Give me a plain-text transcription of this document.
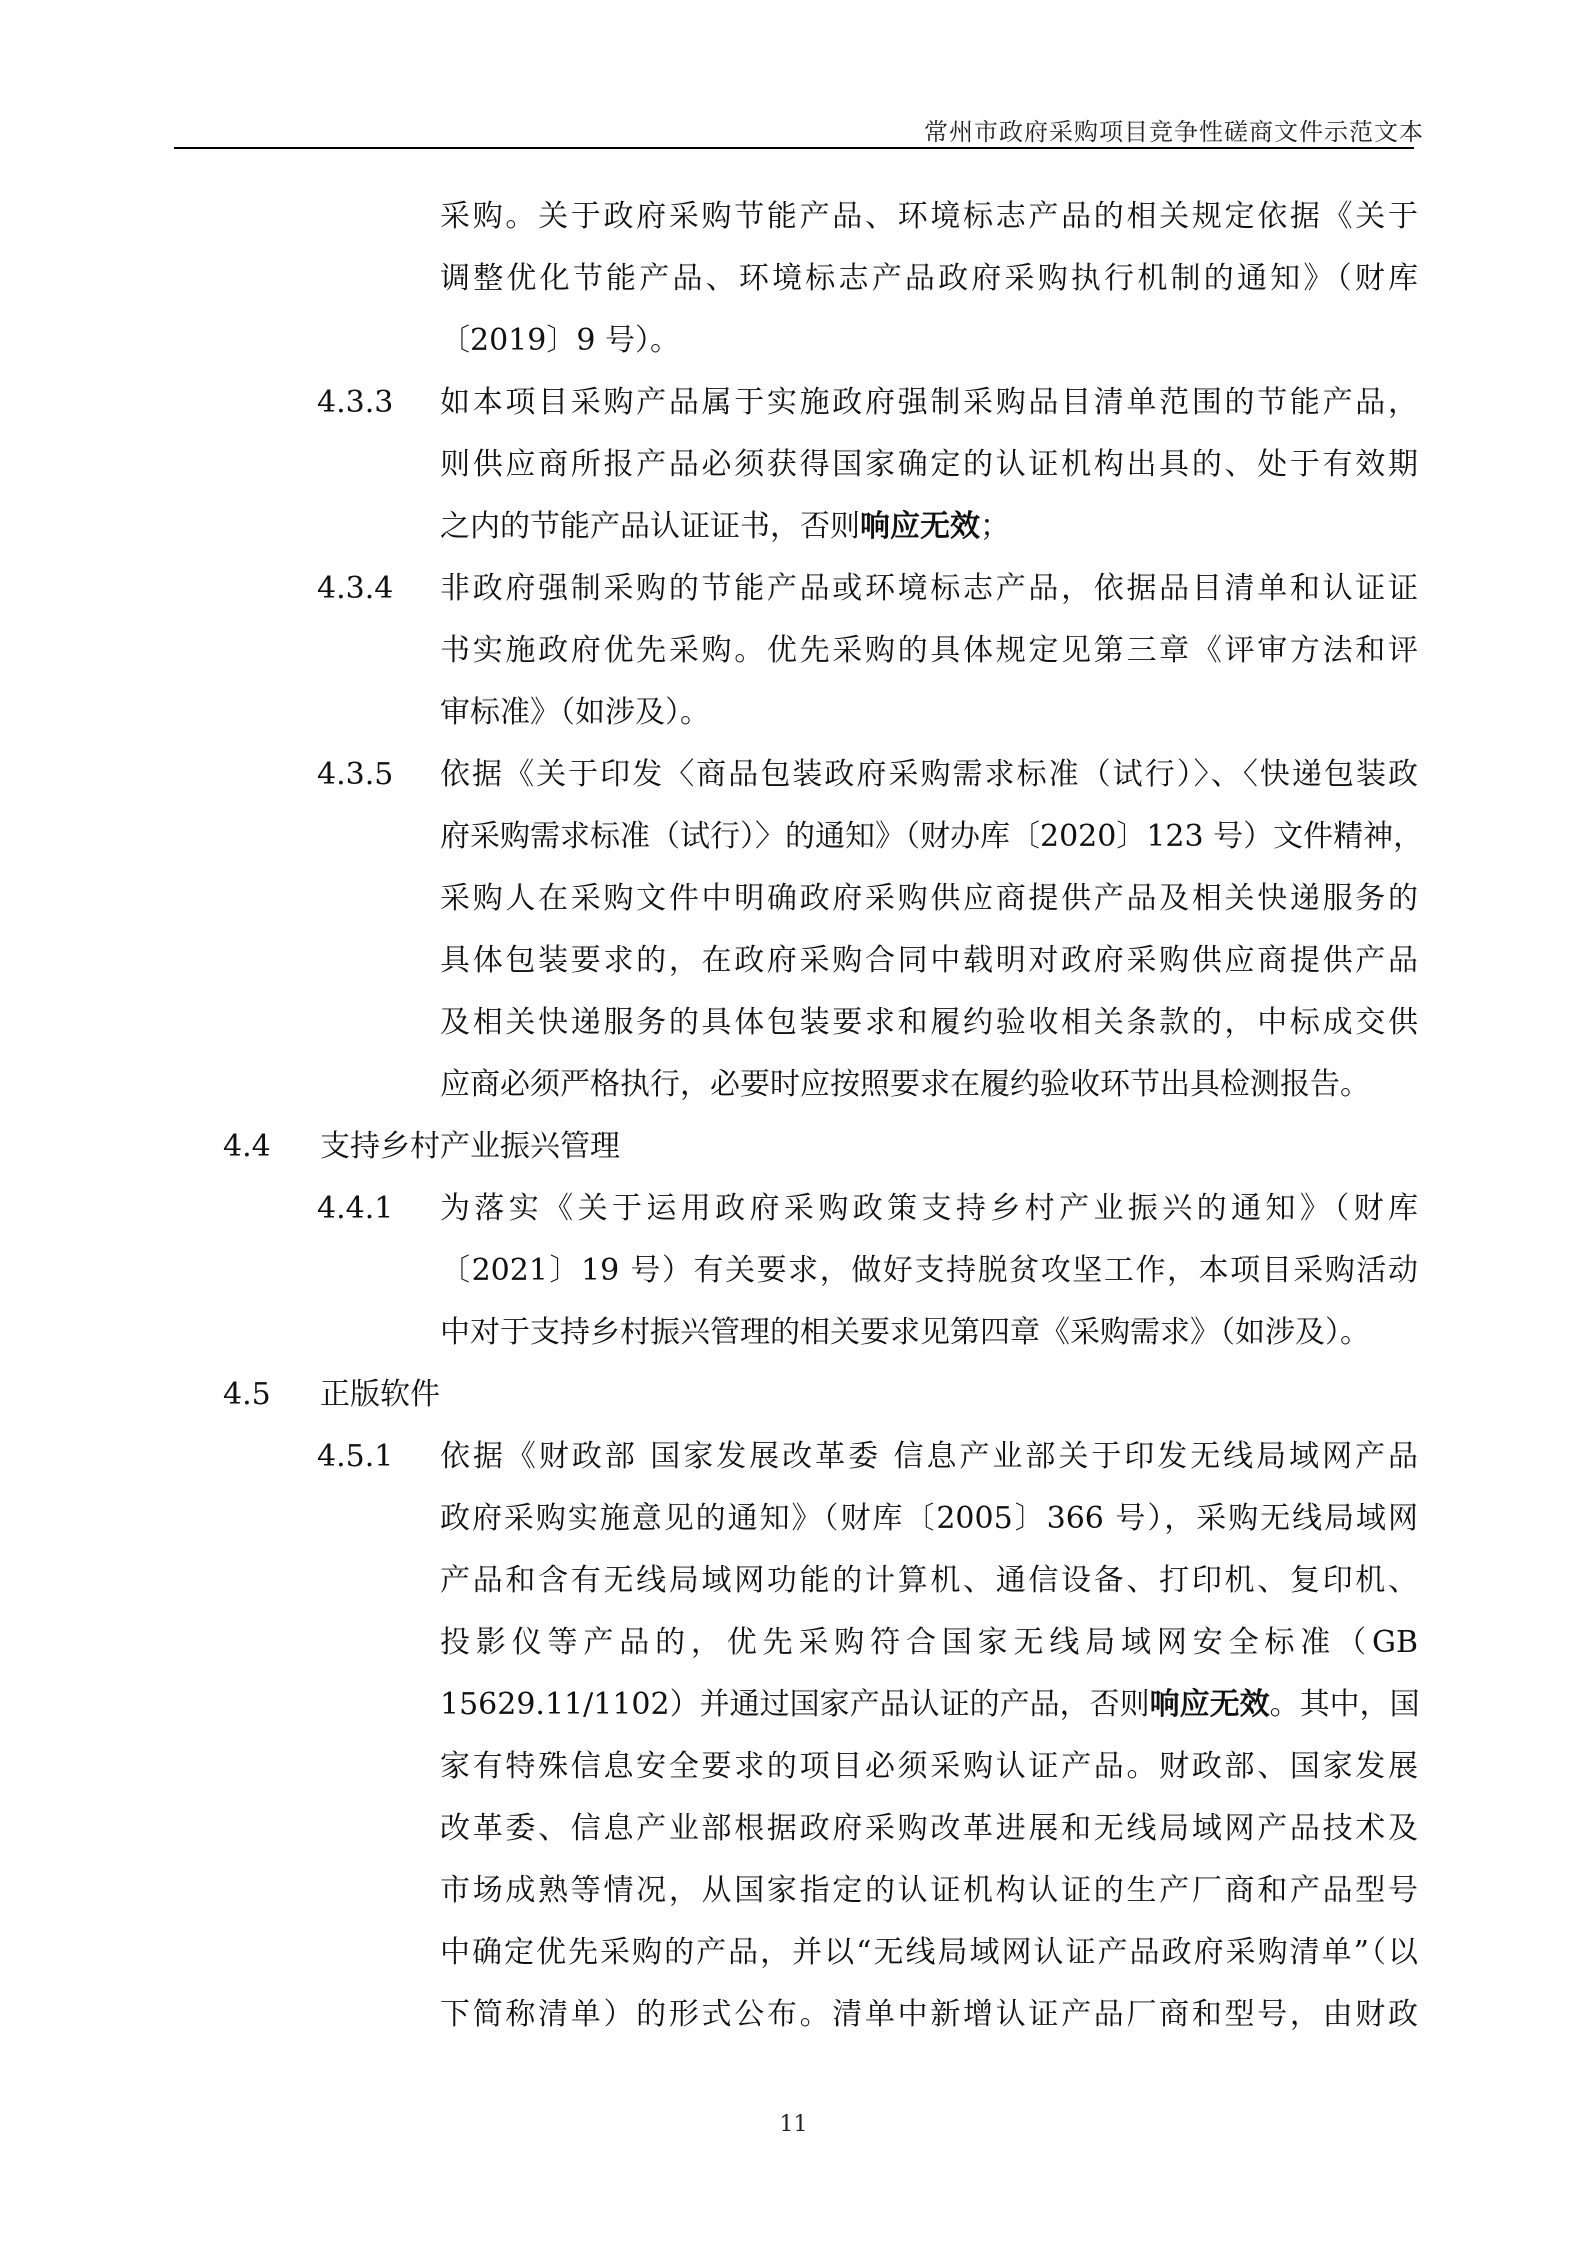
常州市政府采购项目竞争性磋商文件示范文本
采购。关于政府采购节能产品、环境标志产品的相关规定依据《关于
调整优化节能产品、环境标志产品政府采购执行机制的通知》（财库
〔2019〕9 号）。
4.3.3 如本项目采购产品属于实施政府强制采购品目清单范围的节能产品，
则供应商所报产品必须获得国家确定的认证机构出具的、处于有效期
之内的节能产品认证证书，否则响应无效；
4.3.4 非政府强制采购的节能产品或环境标志产品，依据品目清单和认证证
书实施政府优先采购。优先采购的具体规定见第三章《评审方法和评
审标准》（如涉及）。
4.3.5 依据《关于印发〈商品包装政府采购需求标准（试行）〉、〈快递包装政
府采购需求标准（试行）〉的通知》（财办库〔2020〕123 号）文件精神，
采购人在采购文件中明确政府采购供应商提供产品及相关快递服务的
具体包装要求的，在政府采购合同中载明对政府采购供应商提供产品
及相关快递服务的具体包装要求和履约验收相关条款的，中标成交供
应商必须严格执行，必要时应按照要求在履约验收环节出具检测报告。
4.4 支持乡村产业振兴管理
4.4.1 为落实《关于运用政府采购政策支持乡村产业振兴的通知》（财库
〔2021〕19 号）有关要求，做好支持脱贫攻坚工作，本项目采购活动
中对于支持乡村振兴管理的相关要求见第四章《采购需求》（如涉及）。
4.5 正版软件
4.5.1 依据《财政部 国家发展改革委 信息产业部关于印发无线局域网产品
政府采购实施意见的通知》（财库〔2005〕366 号），采购无线局域网
产品和含有无线局域网功能的计算机、通信设备、打印机、复印机、
投影仪等产品的，优先采购符合国家无线局域网安全标准（GB
15629.11/1102）并通过国家产品认证的产品，否则响应无效。其中，国
家有特殊信息安全要求的项目必须采购认证产品。财政部、国家发展
改革委、信息产业部根据政府采购改革进展和无线局域网产品技术及
市场成熟等情况，从国家指定的认证机构认证的生产厂商和产品型号
中确定优先采购的产品，并以“无线局域网认证产品政府采购清单”（以
下简称清单）的形式公布。清单中新增认证产品厂商和型号，由财政
11
